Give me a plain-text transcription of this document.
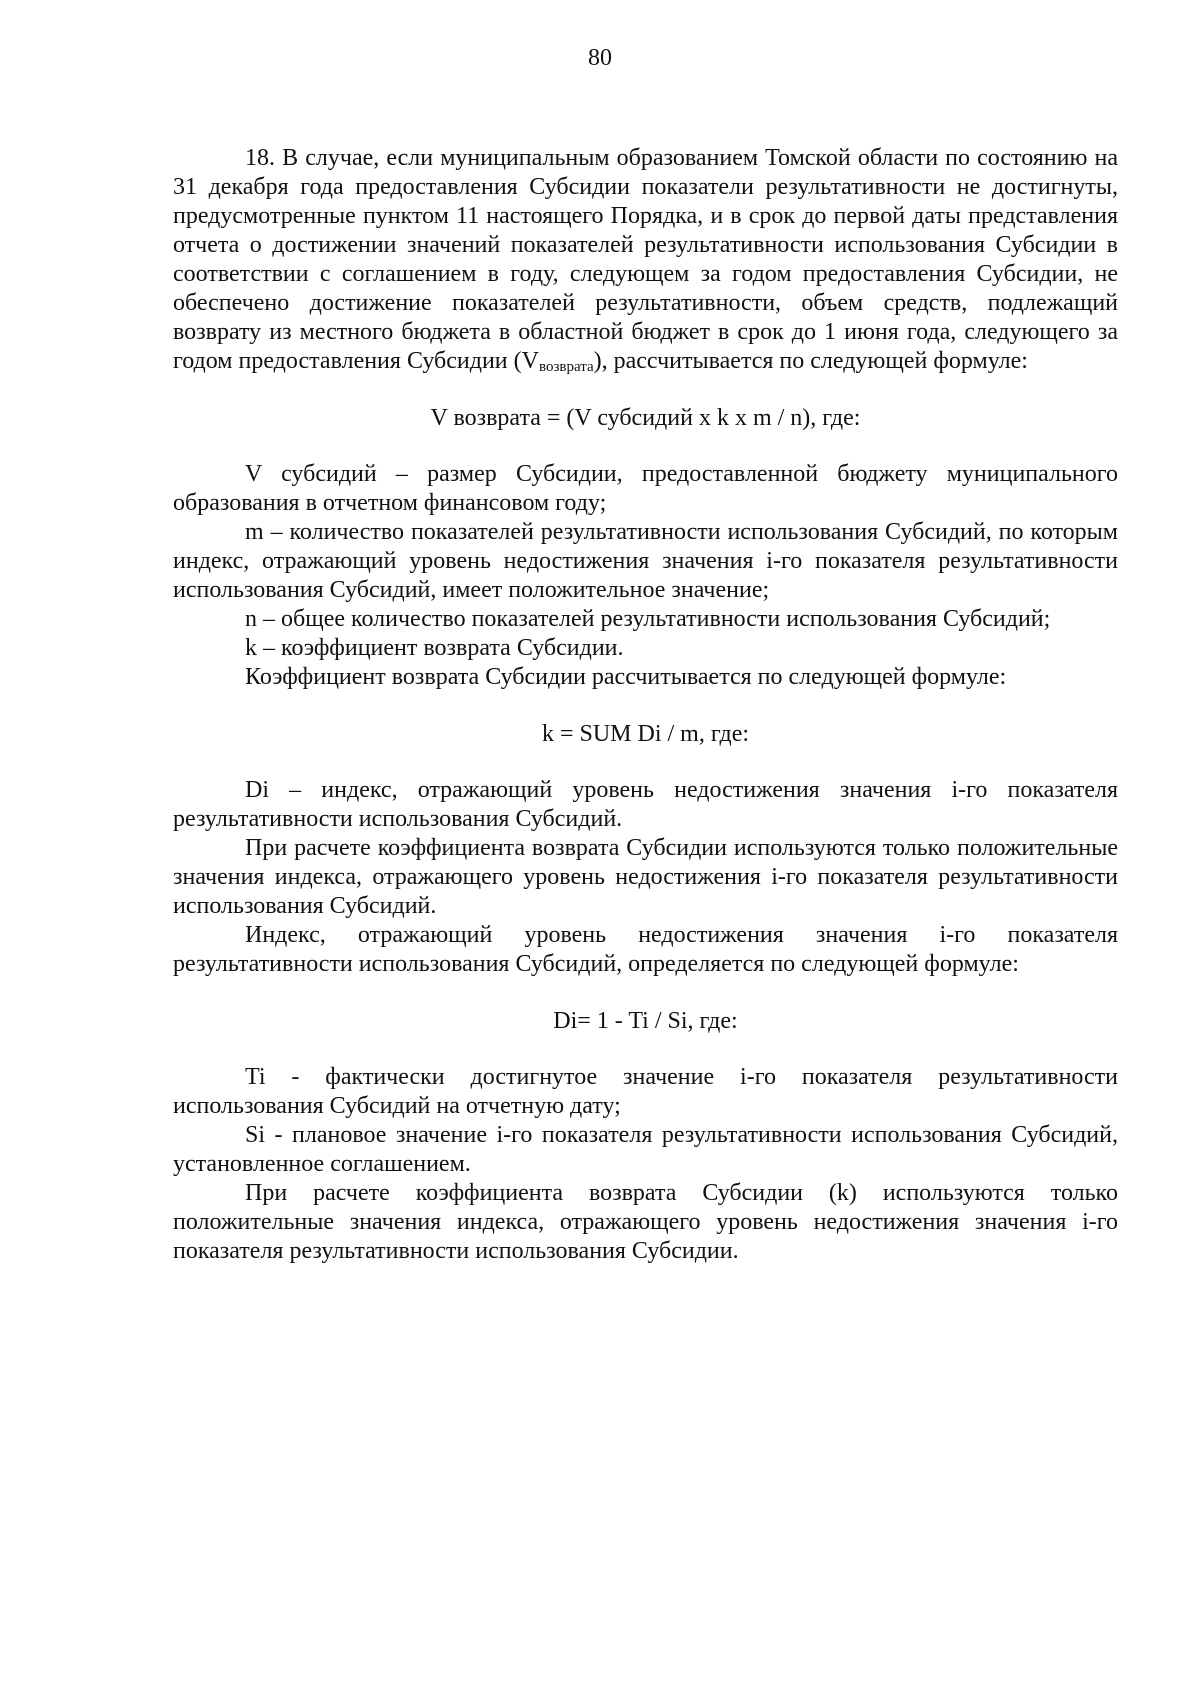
80

18. В случае, если муниципальным образованием Томской области по состоянию на 31 декабря года предоставления Субсидии показатели результативности не достигнуты, предусмотренные пунктом 11 настоящего Порядка, и в срок до первой даты представления отчета о достижении значений показателей результативности использования Субсидии в соответствии с соглашением в году, следующем за годом предоставления Субсидии, не обеспечено достижение показателей результативности, объем средств, подлежащий возврату из местного бюджета в областной бюджет в срок до 1 июня года, следующего за годом предоставления Субсидии $(V_{возврата})$, рассчитывается по следующей формуле:

V возврата = (V субсидий x k x m / n), где:

V субсидий – размер Субсидии, предоставленной бюджету муниципального образования в отчетном финансовом году;

m – количество показателей результативности использования Субсидий, по которым индекс, отражающий уровень недостижения значения i-го показателя результативности использования Субсидий, имеет положительное значение;

n – общее количество показателей результативности использования Субсидий;

k – коэффициент возврата Субсидии.

Коэффициент возврата Субсидии рассчитывается по следующей формуле:

k = SUM Di / m, где:

Di – индекс, отражающий уровень недостижения значения i-го показателя результативности использования Субсидий.

При расчете коэффициента возврата Субсидии используются только положительные значения индекса, отражающего уровень недостижения i-го показателя результативности использования Субсидий.

Индекс, отражающий уровень недостижения значения i-го показателя результативности использования Субсидий, определяется по следующей формуле:

Di= 1 - Ti / Si, где:

Ti - фактически достигнутое значение i-го показателя результативности использования Субсидий на отчетную дату;

Si - плановое значение i-го показателя результативности использования Субсидий, установленное соглашением.

При расчете коэффициента возврата Субсидии (k) используются только положительные значения индекса, отражающего уровень недостижения значения i-го показателя результативности использования Субсидии.
